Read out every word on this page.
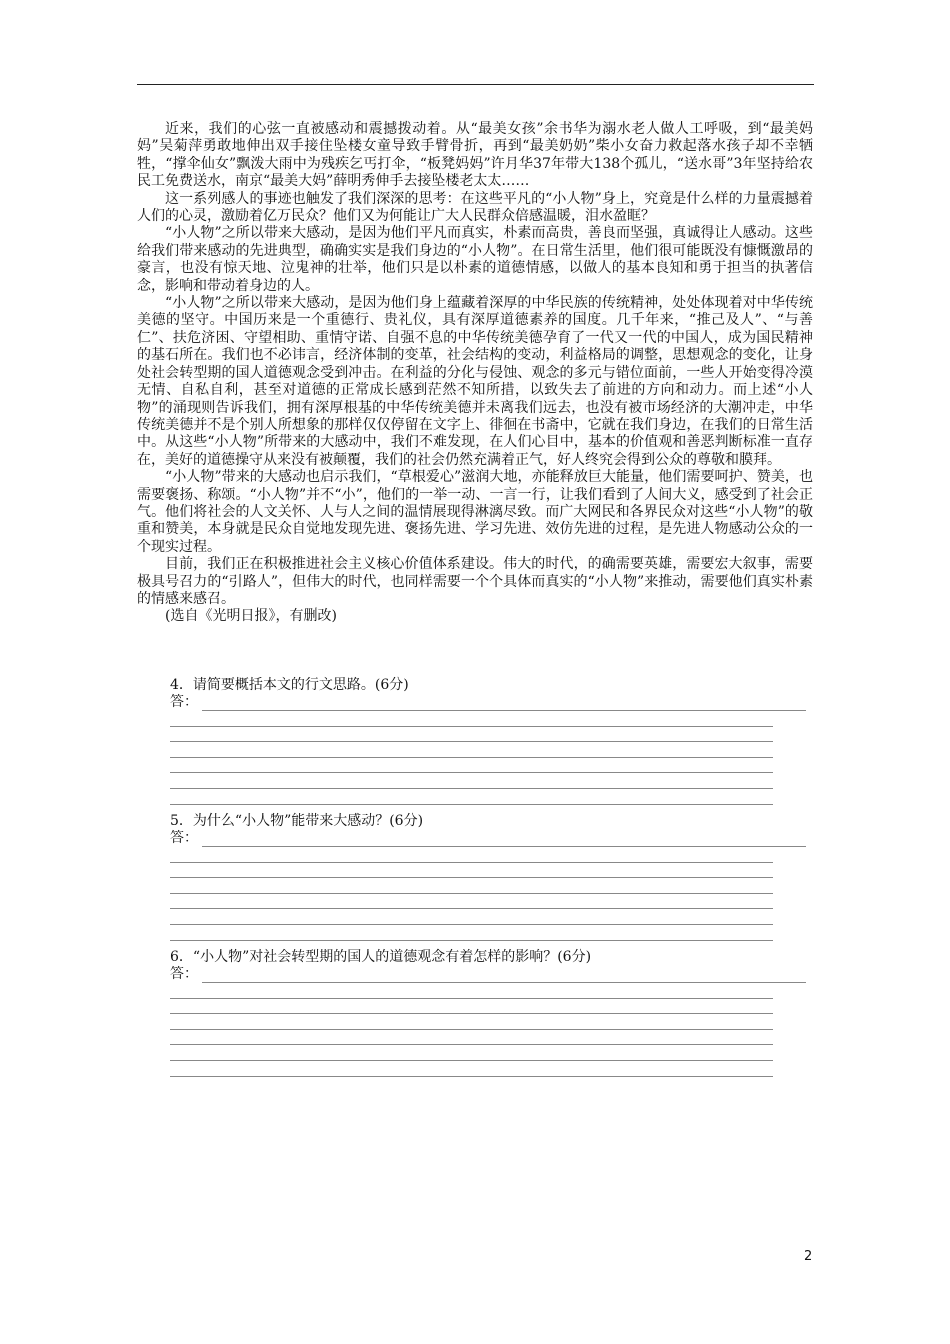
近来，我们的心弦一直被感动和震撼拨动着。从“最美女孩”余书华为溺水老人做人工呼吸，到“最美妈妈”吴菊萍勇敢地伸出双手接住坠楼女童导致手臂骨折，再到“最美奶奶”柴小女奋力救起落水孩子却不幸牺牲，“撑伞仙女”飘泼大雨中为残疾乞丐打伞，“板凳妈妈”许月华37年带大138个孤儿，“送水哥”3年坚持给农民工免费送水，南京“最美大妈”薛明秀伸手去接坠楼老太太……

这一系列感人的事迹也触发了我们深深的思考：在这些平凡的“小人物”身上，究竟是什么样的力量震撼着人们的心灵，激励着亿万民众？他们又为何能让广大人民群众倍感温暖，泪水盈眶？

“小人物”之所以带来大感动，是因为他们平凡而真实，朴素而高贵，善良而坚强，真诚得让人感动。这些给我们带来感动的先进典型，确确实实是我们身边的“小人物”。在日常生活里，他们很可能既没有慷慨激昂的豪言，也没有惊天地、泣鬼神的壮举，他们只是以朴素的道德情感，以做人的基本良知和勇于担当的执著信念，影响和带动着身边的人。

“小人物”之所以带来大感动，是因为他们身上蕴藏着深厚的中华民族的传统精神，处处体现着对中华传统美德的坚守。中国历来是一个重德行、贵礼仪，具有深厚道德素养的国度。几千年来，“推己及人”、“与善仁”、扶危济困、守望相助、重情守诺、自强不息的中华传统美德孕育了一代又一代的中国人，成为国民精神的基石所在。我们也不必讳言，经济体制的变革，社会结构的变动，利益格局的调整，思想观念的变化，让身处社会转型期的国人道德观念受到冲击。在利益的分化与侵蚀、观念的多元与错位面前，一些人开始变得冷漠无情、自私自利，甚至对道德的正常成长感到茫然不知所措，以致失去了前进的方向和动力。而上述“小人物”的涌现则告诉我们，拥有深厚根基的中华传统美德并未离我们远去，也没有被市场经济的大潮冲走，中华传统美德并不是个别人所想象的那样仅仅停留在文字上、徘徊在书斋中，它就在我们身边，在我们的日常生活中。从这些“小人物”所带来的大感动中，我们不难发现，在人们心目中，基本的价值观和善恶判断标准一直存在，美好的道德操守从来没有被颠覆，我们的社会仍然充满着正气，好人终究会得到公众的尊敬和膜拜。

“小人物”带来的大感动也启示我们，“草根爱心”滋润大地，亦能释放巨大能量，他们需要呵护、赞美，也需要褒扬、称颂。“小人物”并不“小”，他们的一举一动、一言一行，让我们看到了人间大义，感受到了社会正气。他们将社会的人文关怀、人与人之间的温情展现得淋漓尽致。而广大网民和各界民众对这些“小人物”的敬重和赞美，本身就是民众自觉地发现先进、褒扬先进、学习先进、效仿先进的过程，是先进人物感动公众的一个现实过程。

目前，我们正在积极推进社会主义核心价值体系建设。伟大的时代，的确需要英雄，需要宏大叙事，需要极具号召力的“引路人”，但伟大的时代，也同样需要一个个具体而真实的“小人物”来推动，需要他们真实朴素的情感来感召。

(选自《光明日报》，有删改)
4．请简要概括本文的行文思路。(6分)
答：
5．为什么“小人物”能带来大感动？(6分)
答：
6．“小人物”对社会转型期的国人的道德观念有着怎样的影响？(6分)
答：
2
